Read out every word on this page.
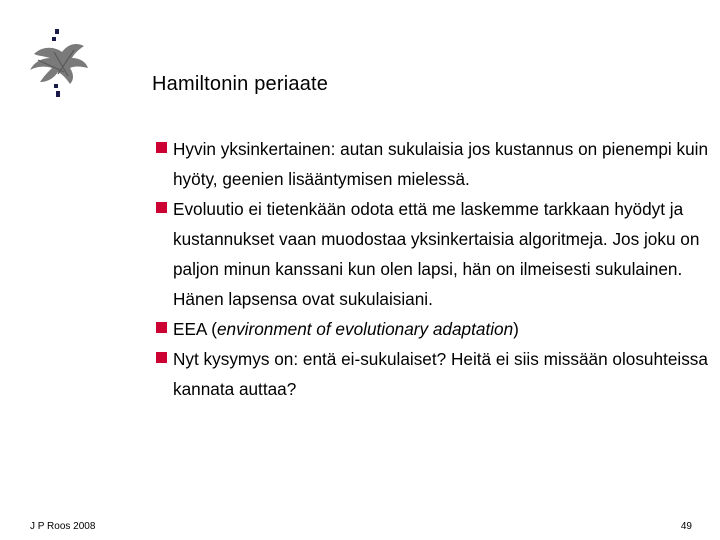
Hamiltonin periaate
Hyvin yksinkertainen: autan sukulaisia jos kustannus on pienempi kuin hyöty, geenien lisääntymisen mielessä.
Evoluutio ei tietenkään odota että me laskemme tarkkaan hyödyt ja kustannukset vaan muodostaa yksinkertaisia algoritmeja. Jos joku on paljon minun kanssani kun olen lapsi, hän on ilmeisesti sukulainen. Hänen lapsensa ovat sukulaisiani.
EEA (environment of evolutionary adaptation)
Nyt kysymys on: entä ei-sukulaiset? Heitä ei siis missään olosuhteissa kannata auttaa?
J P Roos 2008	49
